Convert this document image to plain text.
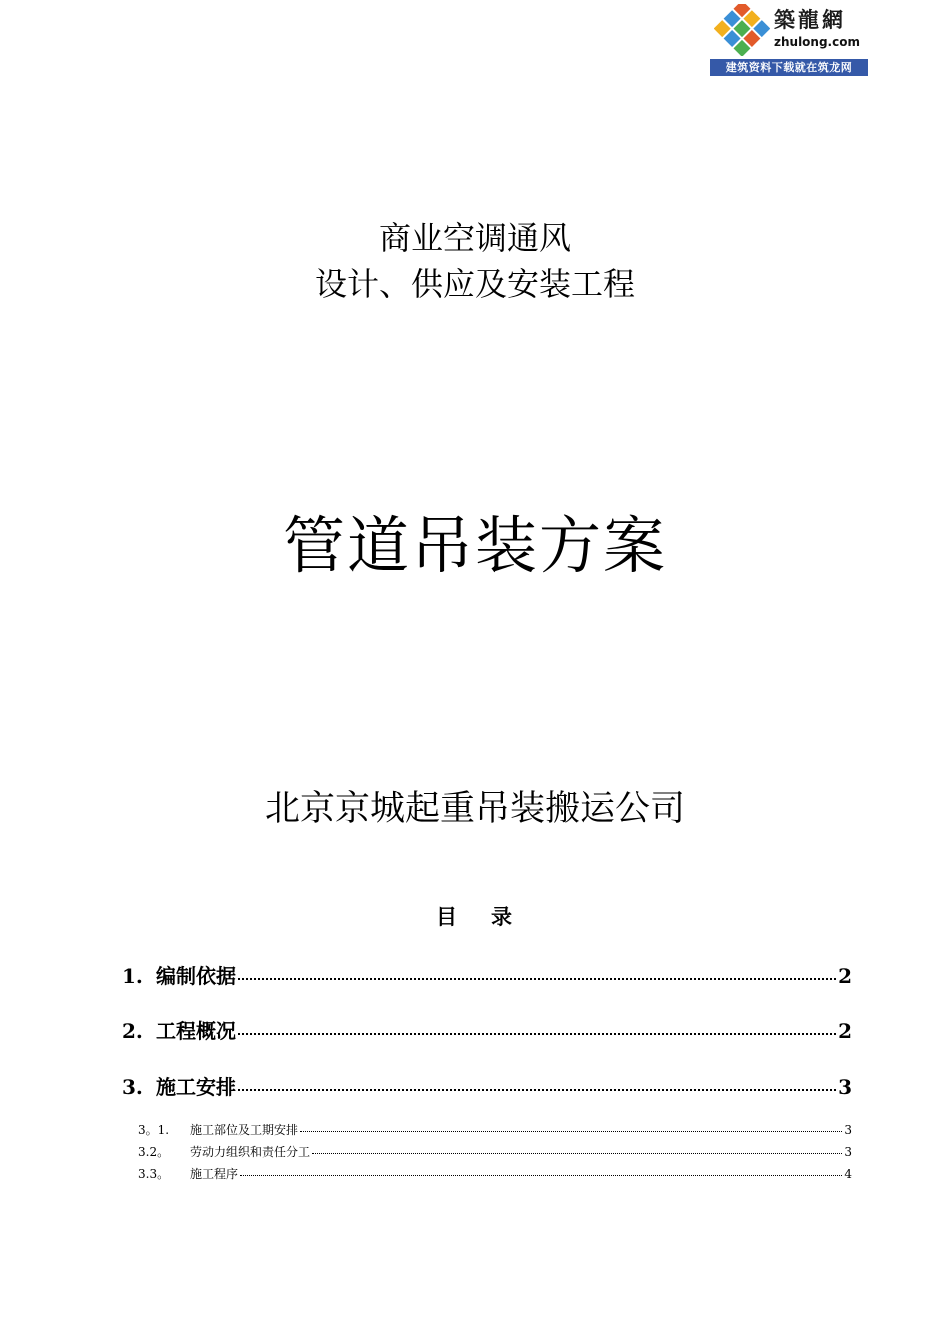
築龍網
zhulong.com
建筑资料下载就在筑龙网
商业空调通风
设计、供应及安装工程
管道吊装方案
北京京城起重吊装搬运公司
目 录
1. 编制依据	2
2. 工程概况	2
3. 施工安排	3
3。1.	施工部位及工期安排	3
3.2。	劳动力组织和责任分工	3
3.3。	施工程序	4
